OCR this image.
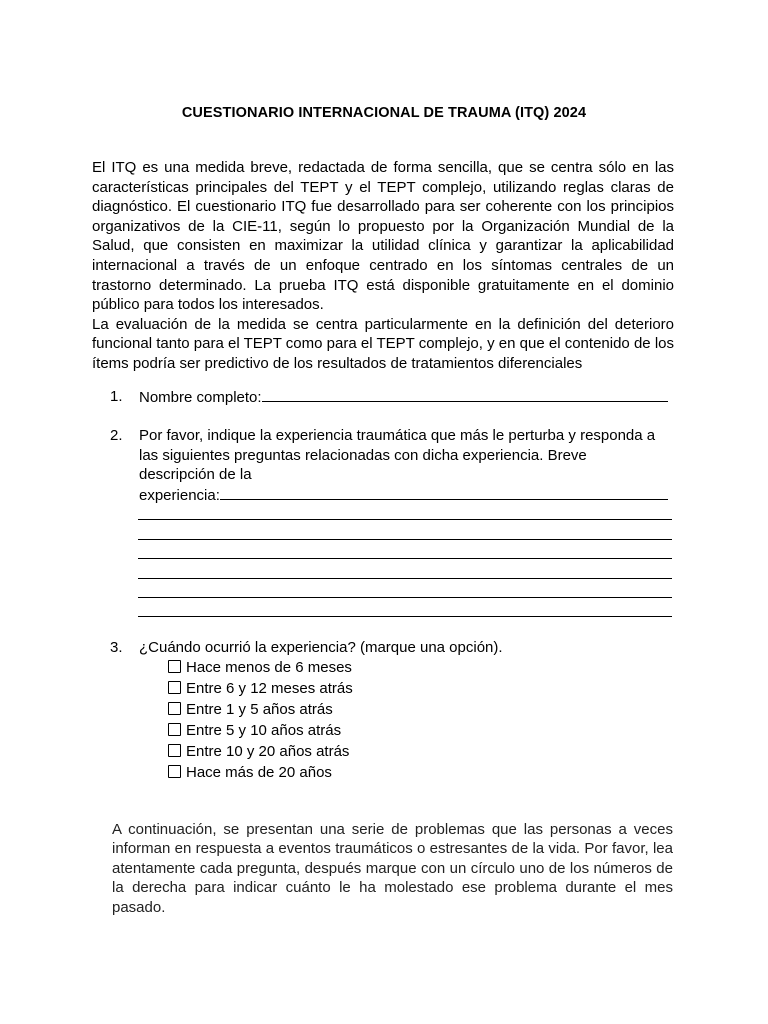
CUESTIONARIO INTERNACIONAL DE TRAUMA (ITQ) 2024

El ITQ es una medida breve, redactada de forma sencilla, que se centra sólo en las características principales del TEPT y el TEPT complejo, utilizando reglas claras de diagnóstico. El cuestionario ITQ fue desarrollado para ser coherente con los principios organizativos de la CIE-11, según lo propuesto por la Organización Mundial de la Salud, que consisten en maximizar la utilidad clínica y garantizar la aplicabilidad internacional a través de un enfoque centrado en los síntomas centrales de un trastorno determinado. La prueba ITQ está disponible gratuitamente en el dominio público para todos los interesados.

La evaluación de la medida se centra particularmente en la definición del deterioro funcional tanto para el TEPT como para el TEPT complejo, y en que el contenido de los ítems podría ser predictivo de los resultados de tratamientos diferenciales

1. Nombre completo:
2. Por favor, indique la experiencia traumática que más le perturba y responda a
las siguientes preguntas relacionadas con dicha experiencia. Breve
descripción de la
experiencia:
3. ¿Cuándo ocurrió la experiencia? (marque una opción).
Hace menos de 6 meses
Entre 6 y 12 meses atrás
Entre 1 y 5 años atrás
Entre 5 y 10 años atrás
Entre 10 y 20 años atrás
Hace más de 20 años
A continuación, se presentan una serie de problemas que las personas a veces informan en respuesta a eventos traumáticos o estresantes de la vida. Por favor, lea atentamente cada pregunta, después marque con un círculo uno de los números de la derecha para indicar cuánto le ha molestado ese problema durante el mes pasado.
